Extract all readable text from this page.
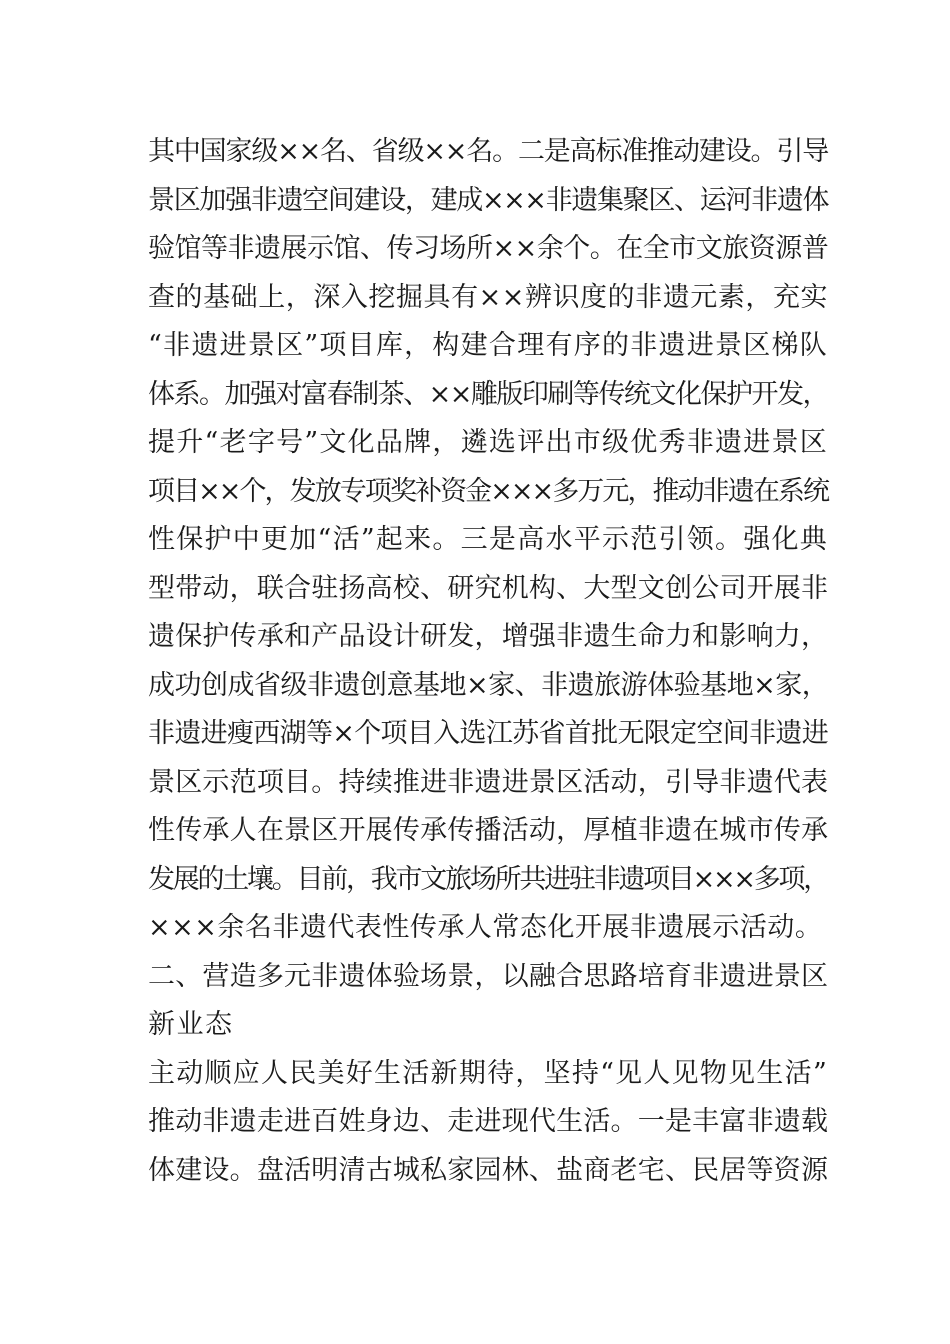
其中国家级××名、省级××名。二是高标准推动建设。引导
景区加强非遗空间建设，建成×××非遗集聚区、运河非遗体
验馆等非遗展示馆、传习场所××余个。在全市文旅资源普
查的基础上，深入挖掘具有××辨识度的非遗元素，充实
“非遗进景区”项目库，构建合理有序的非遗进景区梯队
体系。加强对富春制茶、××雕版印刷等传统文化保护开发，
提升“老字号”文化品牌，遴选评出市级优秀非遗进景区
项目××个，发放专项奖补资金×××多万元，推动非遗在系统
性保护中更加“活”起来。三是高水平示范引领。强化典
型带动，联合驻扬高校、研究机构、大型文创公司开展非
遗保护传承和产品设计研发，增强非遗生命力和影响力，
成功创成省级非遗创意基地×家、非遗旅游体验基地×家，
非遗进瘦西湖等×个项目入选江苏省首批无限定空间非遗进
景区示范项目。持续推进非遗进景区活动，引导非遗代表
性传承人在景区开展传承传播活动，厚植非遗在城市传承
发展的土壤。目前，我市文旅场所共进驻非遗项目×××多项，
×××余名非遗代表性传承人常态化开展非遗展示活动。
二、营造多元非遗体验场景，以融合思路培育非遗进景区
新业态
主动顺应人民美好生活新期待，坚持“见人见物见生活”
推动非遗走进百姓身边、走进现代生活。一是丰富非遗载
体建设。盘活明清古城私家园林、盐商老宅、民居等资源
